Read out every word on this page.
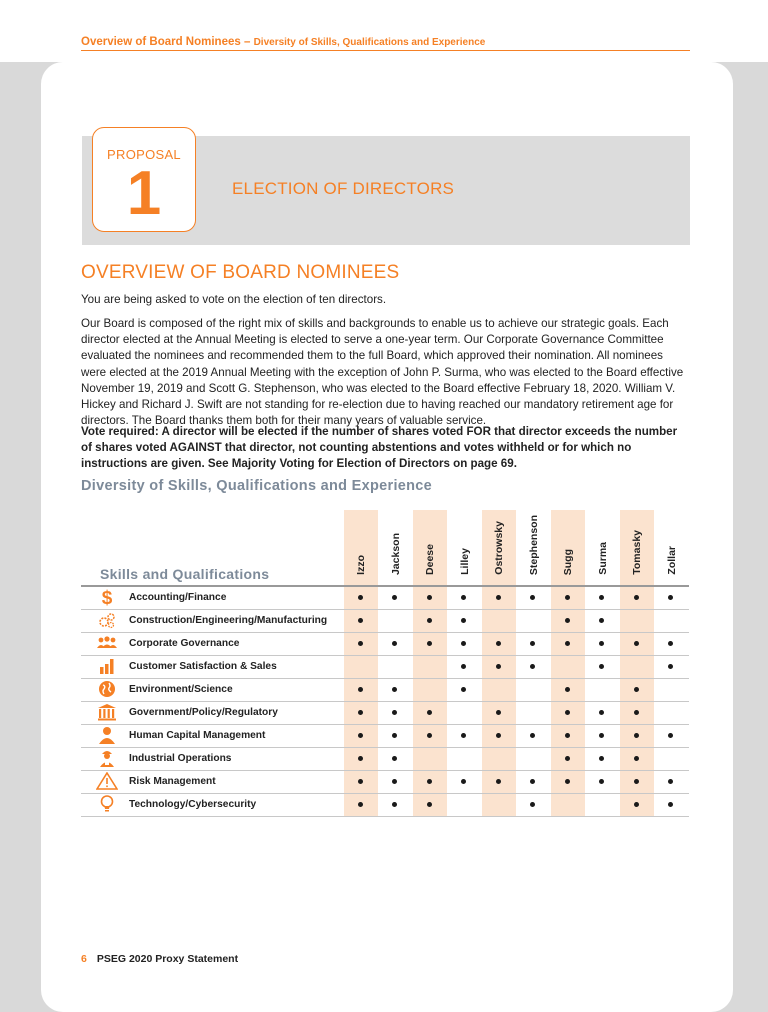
Overview of Board Nominees – Diversity of Skills, Qualifications and Experience
PROPOSAL
1	ELECTION OF DIRECTORS
OVERVIEW OF BOARD NOMINEES
You are being asked to vote on the election of ten directors.
Our Board is composed of the right mix of skills and backgrounds to enable us to achieve our strategic goals. Each director elected at the Annual Meeting is elected to serve a one-year term. Our Corporate Governance Committee evaluated the nominees and recommended them to the full Board, which approved their nomination. All nominees were elected at the 2019 Annual Meeting with the exception of John P. Surma, who was elected to the Board effective November 19, 2019 and Scott G. Stephenson, who was elected to the Board effective February 18, 2020. William V. Hickey and Richard J. Swift are not standing for re-election due to having reached our mandatory retirement age for directors. The Board thanks them both for their many years of valuable service.
Vote required: A director will be elected if the number of shares voted FOR that director exceeds the number of shares voted AGAINST that director, not counting abstentions and votes withheld or for which no instructions are given. See Majority Voting for Election of Directors on page 69.
Diversity of Skills, Qualifications and Experience
Skills and Qualifications	Izzo Jackson Deese Lilley Ostrowsky Stephenson Sugg Surma Tomasky Zollar
$ Accounting/Finance
Construction/Engineering/Manufacturing
Corporate Governance
Customer Satisfaction & Sales
Environment/Science
Government/Policy/Regulatory
Human Capital Management
Industrial Operations
Risk Management
Technology/Cybersecurity
6 PSEG 2020 Proxy Statement
